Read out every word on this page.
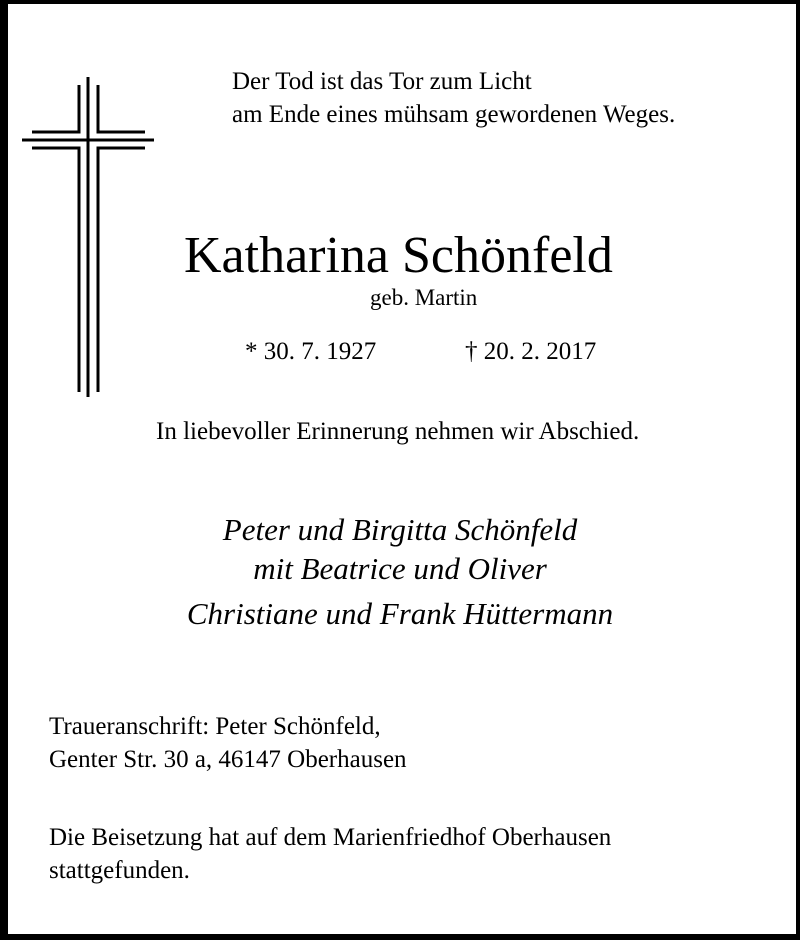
Der Tod ist das Tor zum Licht
am Ende eines mühsam gewordenen Weges.
Katharina Schönfeld
geb. Martin
* 30. 7. 1927	† 20. 2. 2017
In liebevoller Erinnerung nehmen wir Abschied.
Peter und Birgitta Schönfeld
mit Beatrice und Oliver
Christiane und Frank Hüttermann
Traueranschrift: Peter Schönfeld,
Genter Str. 30 a, 46147 Oberhausen
Die Beisetzung hat auf dem Marienfriedhof Oberhausen
stattgefunden.
